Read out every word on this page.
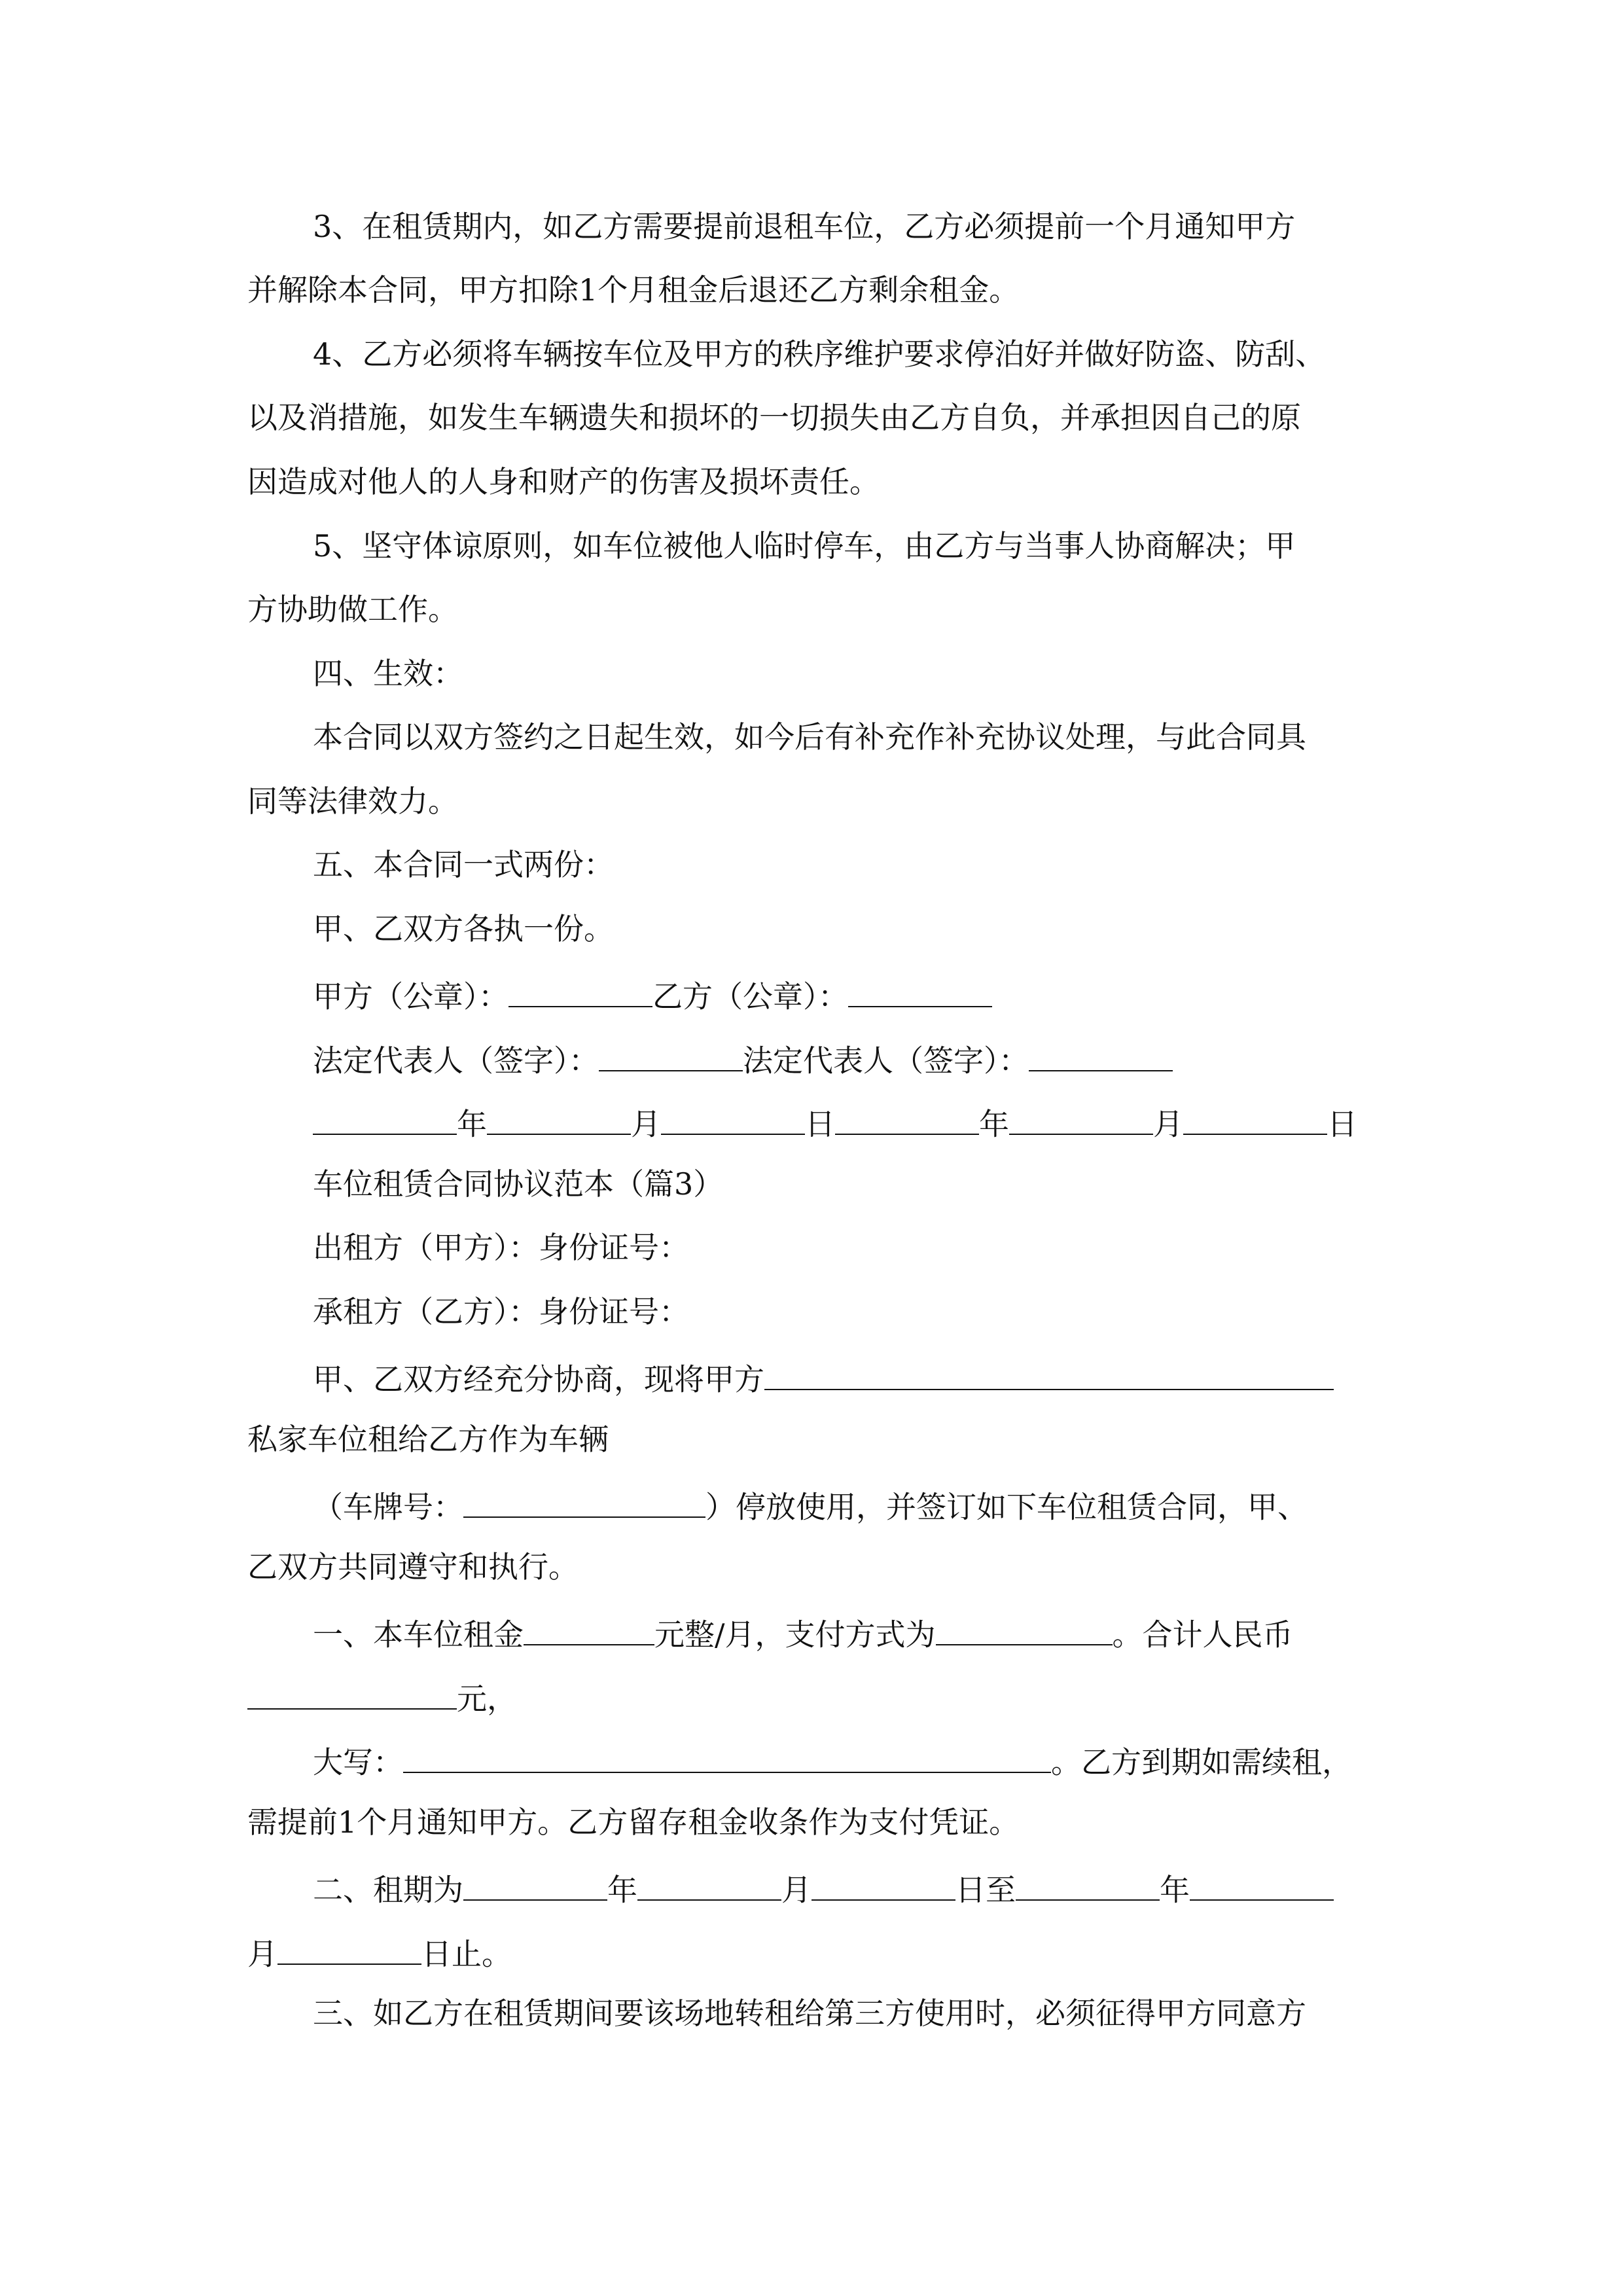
3、在租赁期内，如乙方需要提前退租车位，乙方必须提前一个月通知甲方

并解除本合同，甲方扣除1个月租金后退还乙方剩余租金。

4、乙方必须将车辆按车位及甲方的秩序维护要求停泊好并做好防盗、防刮、

以及消措施，如发生车辆遗失和损坏的一切损失由乙方自负，并承担因自己的原

因造成对他人的人身和财产的伤害及损坏责任。

5、坚守体谅原则，如车位被他人临时停车，由乙方与当事人协商解决；甲

方协助做工作。

四、生效：

本合同以双方签约之日起生效，如今后有补充作补充协议处理，与此合同具

同等法律效力。

五、本合同一式两份：

甲、乙双方各执一份。

甲方（公章）：	乙方（公章）：

法定代表人（签字）：	法定代表人（签字）：

年	月	日	年	月	日

车位租赁合同协议范本（篇3）

出租方（甲方）：身份证号：

承租方（乙方）：身份证号：

甲、乙双方经充分协商，现将甲方

私家车位租给乙方作为车辆

（车牌号：	）停放使用，并签订如下车位租赁合同，甲、

乙双方共同遵守和执行。

一、本车位租金	元整/月，支付方式为	。合计人民币

元，

大写：	。乙方到期如需续租，

需提前1个月通知甲方。乙方留存租金收条作为支付凭证。

二、租期为	年	月	日至	年

月	日止。

三、如乙方在租赁期间要该场地转租给第三方使用时，必须征得甲方同意方
